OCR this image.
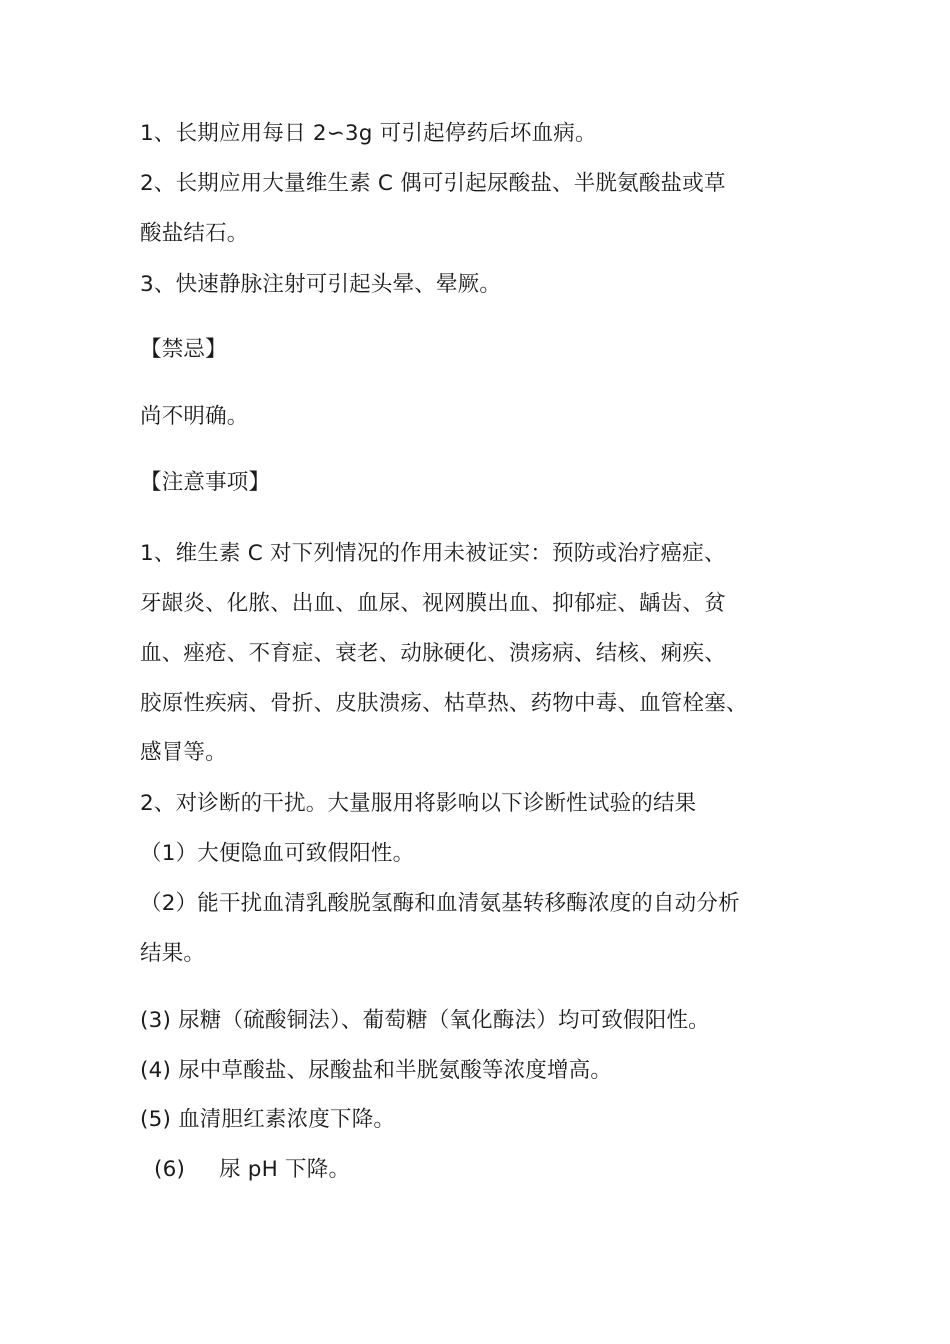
1、长期应用每日 2∽3g 可引起停药后坏血病。
2、长期应用大量维生素 C 偶可引起尿酸盐、半胱氨酸盐或草
酸盐结石。
3、快速静脉注射可引起头晕、晕厥。
【禁忌】
尚不明确。
【注意事项】
1、维生素 C 对下列情况的作用未被证实：预防或治疗癌症、
牙龈炎、化脓、出血、血尿、视网膜出血、抑郁症、龋齿、贫
血、痤疮、不育症、衰老、动脉硬化、溃疡病、结核、痢疾、
胶原性疾病、骨折、皮肤溃疡、枯草热、药物中毒、血管栓塞、
感冒等。
2、对诊断的干扰。大量服用将影响以下诊断性试验的结果
（1）大便隐血可致假阳性。
（2）能干扰血清乳酸脱氢酶和血清氨基转移酶浓度的自动分析
结果。
(3) 尿糖（硫酸铜法）、葡萄糖（氧化酶法）均可致假阳性。
(4) 尿中草酸盐、尿酸盐和半胱氨酸等浓度增高。
(5) 血清胆红素浓度下降。
(6) 尿 pH 下降。
